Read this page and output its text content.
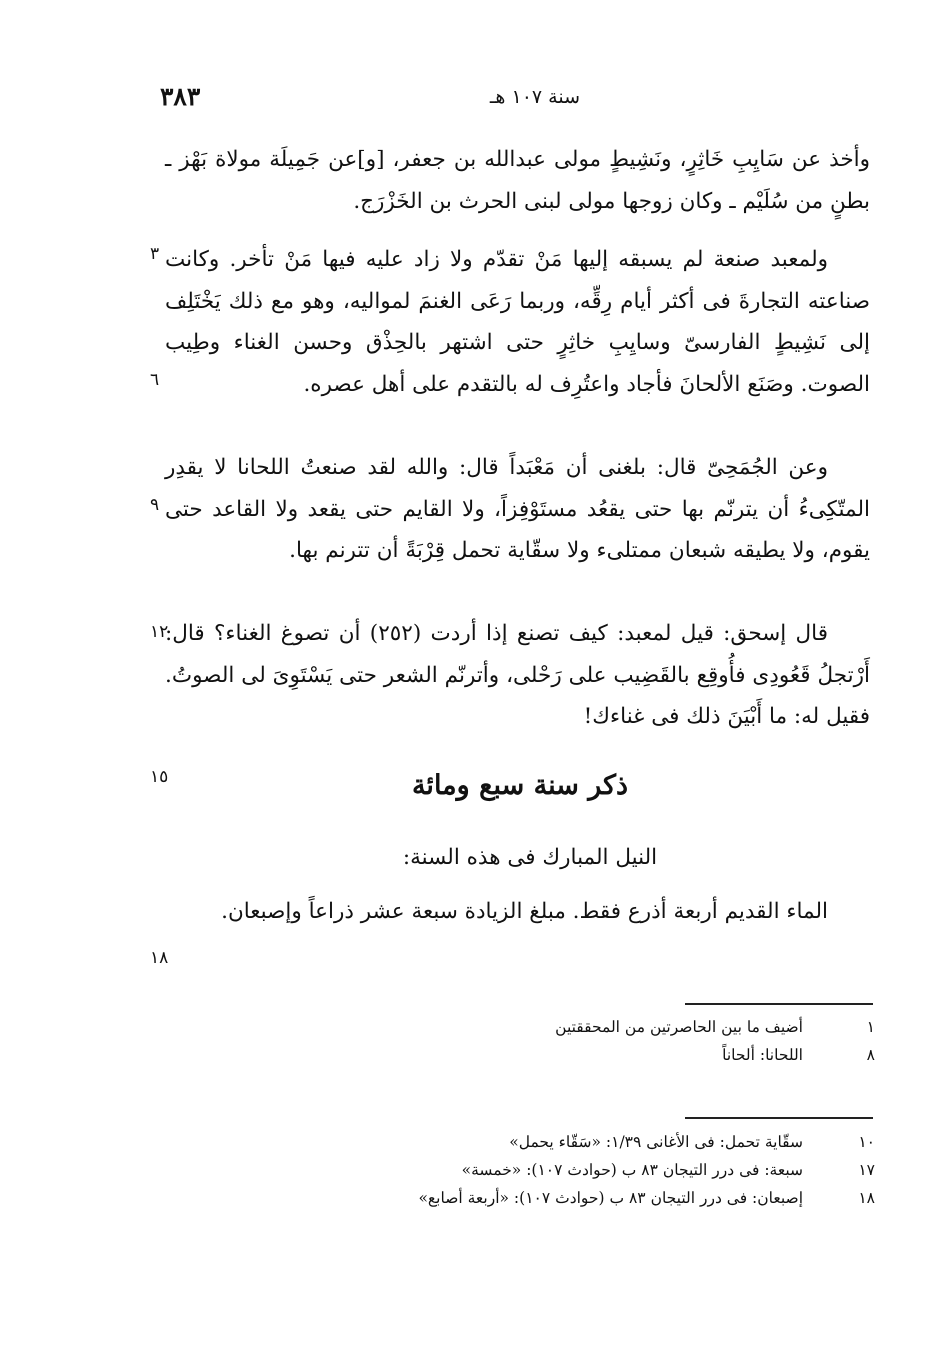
سنة ١٠٧ هـ
٣٨٣
وأخذ عن سَايِبِ خَاثِرٍ، ونَشِيطٍ مولى عبدالله بن جعفر، [و]عن جَمِيلَة مولاة بَهْز ـ بطنٍ من سُلَيْم ـ وكان زوجها مولى لبنى الحرث بن الخَزْرَج.
ولمعبد صنعة لم يسبقه إليها مَنْ تقدّم ولا زاد عليه فيها مَنْ تأخر. وكانت صناعته التجارةَ فى أكثر أيام رِقِّه، وربما رَعَى الغنمَ لمواليه، وهو مع ذلك يَخْتَلِف إلى نَشِيطٍ الفارسىّ وسايِبِ خاثِرٍ حتى اشتهر بالحِذْق وحسن الغناء وطِيب الصوت. وصَنَع الألحانَ فأجاد واعتُرِف له بالتقدم على أهل عصره.
وعن الجُمَحِىّ قال: بلغنى أن مَعْبَداً قال: والله لقد صنعتُ اللحانا لا يقدِر المتّكِىءُ أن يترنّم بها حتى يقعُد مستَوْفِزاً، ولا القايم حتى يقعد ولا القاعد حتى يقوم، ولا يطيقه شبعان ممتلىء ولا سقّاية تحمل قِرْبَةً أن تترنم بها.
قال إسحق: قيل لمعبد: كيف تصنع إذا أردت (٢٥٢) أن تصوغ الغناء؟ قال: أَرْتجلُ قَعُودِى فأُوقِع بالقَضِيب على رَحْلى، وأترنّم الشعر حتى يَسْتَوِىَ لى الصوتُ. فقيل له: ما أَبْيَنَ ذلك فى غناءك!
٣
٦
٩
١٢
١٥
١٨
ذكر سنة سبع ومائة
النيل المبارك فى هذه السنة:
الماء القديم أربعة أذرع فقط. مبلغ الزيادة سبعة عشر ذراعاً وإصبعان.
١
أضيف ما بين الحاصرتين من المحققتين
٨
اللحانا: ألحاناً
١٠
سقّاية تحمل: فى الأغانى ١/٣٩: «سَقّاء يحمل»
١٧
سبعة: فى درر التيجان ٨٣ ب (حوادث ١٠٧): «خمسة»
١٨
إصبعان: فى درر التيجان ٨٣ ب (حوادث ١٠٧): «أربعة أصابع»
